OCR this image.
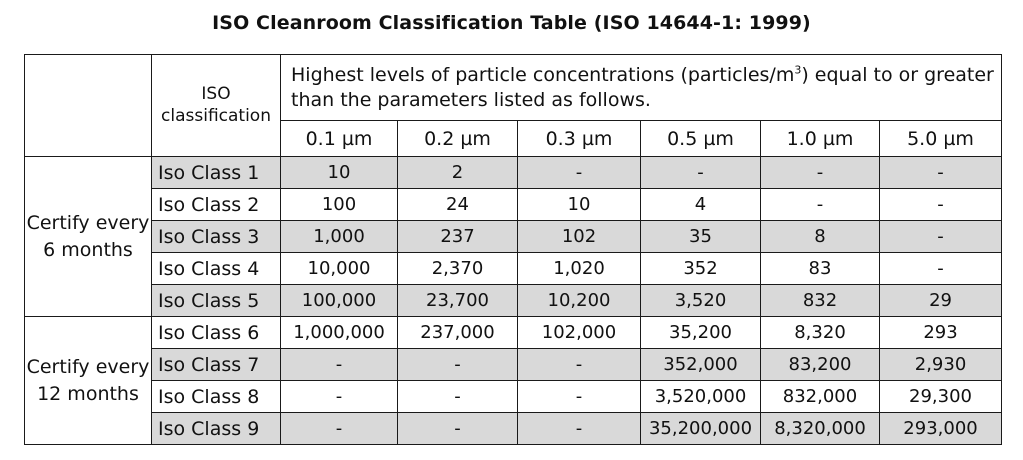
ISO Cleanroom Classification Table (ISO 14644-1: 1999)
	ISO
classification	Highest levels of particle concentrations $(particles/m^3)$ equal to or greater than the parameters listed as follows.					
		0.1 µm	0.2 µm	0.3 µm	0.5 µm	1.0 µm	5.0 µm
Certify every 6 months	Iso Class 1	10	2	-	-	-	-
	Iso Class 2	100	24	10	4	-	-
	Iso Class 3	1,000	237	102	35	8	-
	Iso Class 4	10,000	2,370	1,020	352	83	-
	Iso Class 5	100,000	23,700	10,200	3,520	832	29
Certify every 12 months	Iso Class 6	1,000,000	237,000	102,000	35,200	8,320	293
	Iso Class 7	-	-	-	352,000	83,200	2,930
	Iso Class 8	-	-	-	3,520,000	832,000	29,300
	Iso Class 9	-	-	-	35,200,000	8,320,000	293,000
